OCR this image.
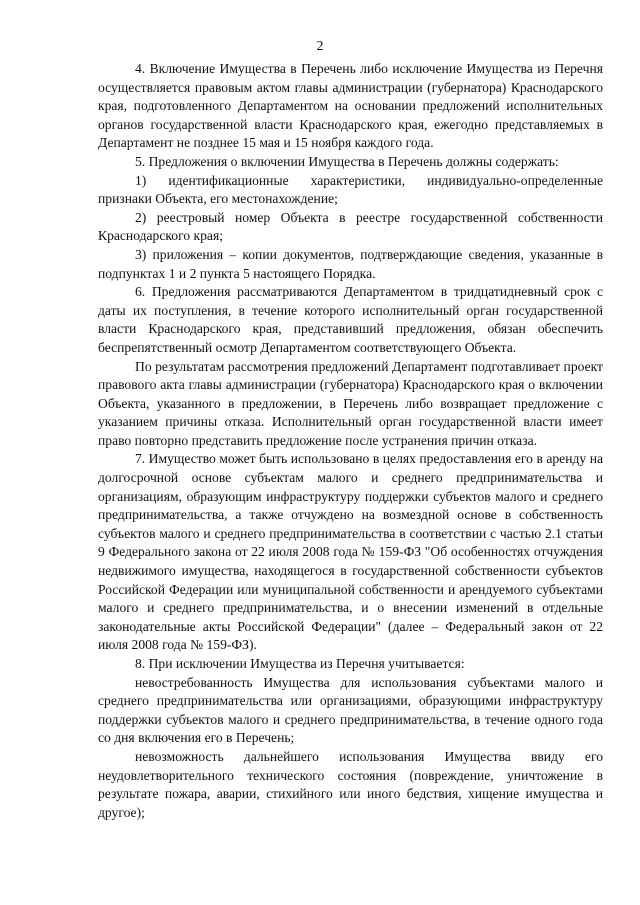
2

4. Включение Имущества в Перечень либо исключение Имущества из Перечня осуществляется правовым актом главы администрации (губернатора) Краснодарского края, подготовленного Департаментом на основании предложений исполнительных органов государственной власти Краснодарского края, ежегодно представляемых в Департамент не позднее 15 мая и 15 ноября каждого года.

5. Предложения о включении Имущества в Перечень должны содержать:

1) идентификационные характеристики, индивидуально-определенные признаки Объекта, его местонахождение;

2) реестровый номер Объекта в реестре государственной собственности Краснодарского края;

3) приложения – копии документов, подтверждающие сведения, указанные в подпунктах 1 и 2 пункта 5 настоящего Порядка.

6. Предложения рассматриваются Департаментом в тридцатидневный срок с даты их поступления, в течение которого исполнительный орган государственной власти Краснодарского края, представивший предложения, обязан обеспечить беспрепятственный осмотр Департаментом соответствующего Объекта.

По результатам рассмотрения предложений Департамент подготавливает проект правового акта главы администрации (губернатора) Краснодарского края о включении Объекта, указанного в предложении, в Перечень либо возвращает предложение с указанием причины отказа. Исполнительный орган государственной власти имеет право повторно представить предложение после устранения причин отказа.

7. Имущество может быть использовано в целях предоставления его в аренду на долгосрочной основе субъектам малого и среднего предпринимательства и организациям, образующим инфраструктуру поддержки субъектов малого и среднего предпринимательства, а также отчуждено на возмездной основе в собственность субъектов малого и среднего предпринимательства в соответствии с частью 2.1 статьи 9 Федерального закона от 22 июля 2008 года № 159-ФЗ "Об особенностях отчуждения недвижимого имущества, находящегося в государственной собственности субъектов Российской Федерации или муниципальной собственности и арендуемого субъектами малого и среднего предпринимательства, и о внесении изменений в отдельные законодательные акты Российской Федерации" (далее – Федеральный закон от 22 июля 2008 года № 159-ФЗ).

8. При исключении Имущества из Перечня учитывается:

невостребованность Имущества для использования субъектами малого и среднего предпринимательства или организациями, образующими инфраструктуру поддержки субъектов малого и среднего предпринимательства, в течение одного года со дня включения его в Перечень;

невозможность дальнейшего использования Имущества ввиду его неудовлетворительного технического состояния (повреждение, уничтожение в результате пожара, аварии, стихийного или иного бедствия, хищение имущества и другое);
